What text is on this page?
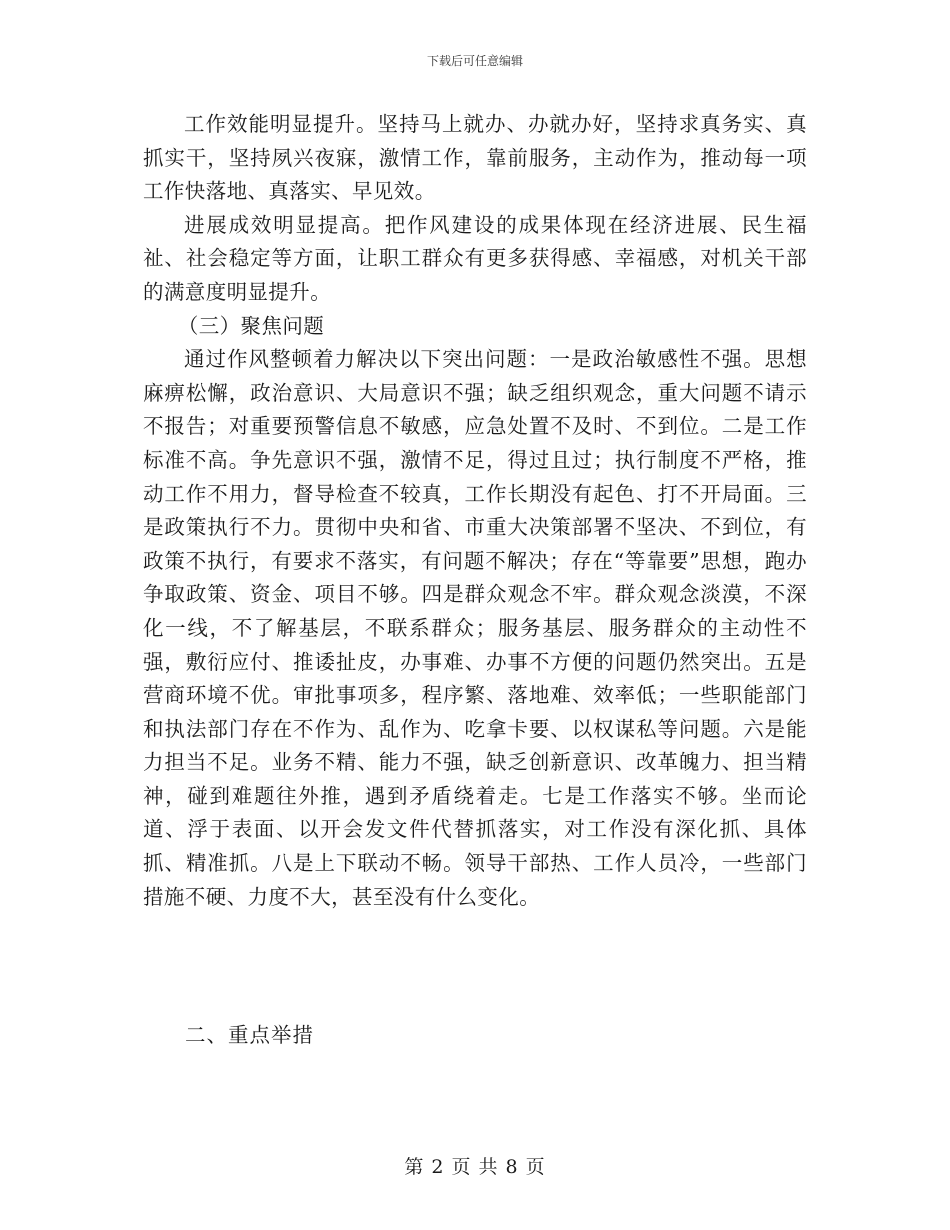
下载后可任意编辑

工作效能明显提升。坚持马上就办、办就办好，坚持求真务实、真抓实干，坚持夙兴夜寐，激情工作，靠前服务，主动作为，推动每一项工作快落地、真落实、早见效。

进展成效明显提高。把作风建设的成果体现在经济进展、民生福祉、社会稳定等方面，让职工群众有更多获得感、幸福感，对机关干部的满意度明显提升。

（三）聚焦问题

通过作风整顿着力解决以下突出问题：一是政治敏感性不强。思想麻痹松懈，政治意识、大局意识不强；缺乏组织观念，重大问题不请示不报告；对重要预警信息不敏感，应急处置不及时、不到位。二是工作标准不高。争先意识不强，激情不足，得过且过；执行制度不严格，推动工作不用力，督导检查不较真，工作长期没有起色、打不开局面。三是政策执行不力。贯彻中央和省、市重大决策部署不坚决、不到位，有政策不执行，有要求不落实，有问题不解决；存在“等靠要”思想，跑办争取政策、资金、项目不够。四是群众观念不牢。群众观念淡漠，不深化一线，不了解基层，不联系群众；服务基层、服务群众的主动性不强，敷衍应付、推诿扯皮，办事难、办事不方便的问题仍然突出。五是营商环境不优。审批事项多，程序繁、落地难、效率低；一些职能部门和执法部门存在不作为、乱作为、吃拿卡要、以权谋私等问题。六是能力担当不足。业务不精、能力不强，缺乏创新意识、改革魄力、担当精神，碰到难题往外推，遇到矛盾绕着走。七是工作落实不够。坐而论道、浮于表面、以开会发文件代替抓落实，对工作没有深化抓、具体抓、精准抓。八是上下联动不畅。领导干部热、工作人员冷，一些部门措施不硬、力度不大，甚至没有什么变化。

二、重点举措
第 2 页 共 8 页
